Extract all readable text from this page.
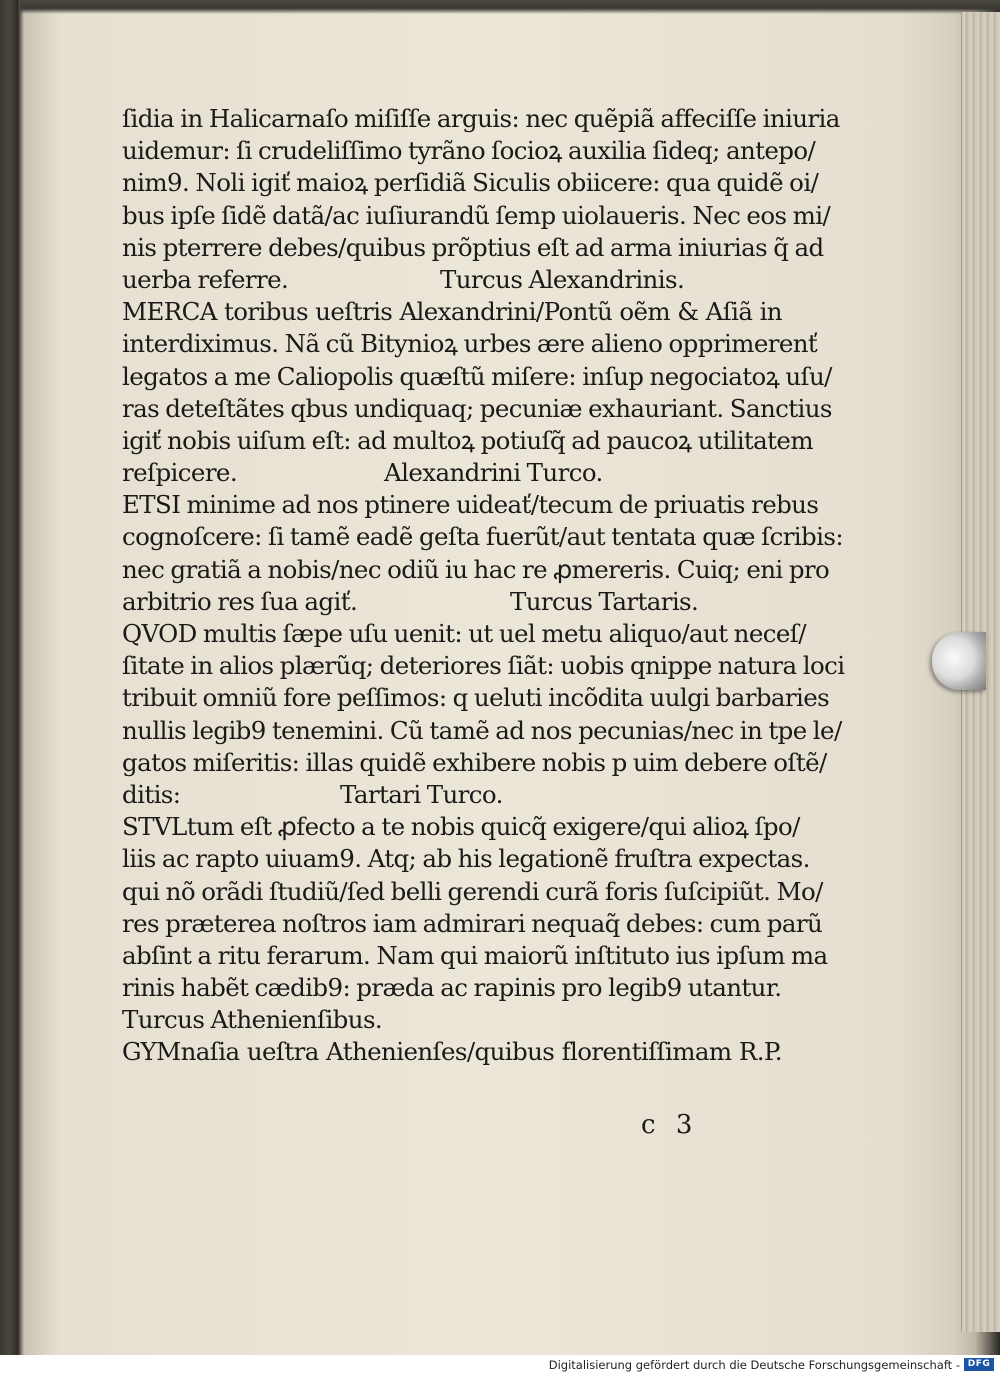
ſidia in Halicarnaſo miſiſſe arguis: nec quẽpiã affeciſſe iniuria
uidemur: ſi crudeliſſimo tyrãno ſocioꝝ auxilia ſideq; antepo/
nim9. Noli igiť maioꝝ perſidiã Siculis obiicere: qua quidẽ oi/
bus ipſe ſidẽ datã/ac iuſiurandũ ſemp uiolaueris. Nec eos mi/
nis pterrere debes/quibus prõptius eſt ad arma iniurias q̃ ad
uerba referre.	Turcus Alexandrinis.
MERCA toribus ueſtris Alexandrini/Pontũ oẽm & Aſiã in
interdiximus. Nã cũ Bitynioꝝ urbes ære alieno opprimerenť
legatos a me Caliopolis quæſtũ miſere: inſup negociatoꝝ uſu/
ras deteſtãtes qbus undiquaq; pecuniæ exhauriant. Sanctius
igiť nobis uiſum eſt: ad multoꝝ potiuſq̃ ad paucoꝝ utilitatem
reſpicere.	Alexandrini Turco.
ETSI minime ad nos ptinere uideať/tecum de priuatis rebus
cognoſcere: ſi tamẽ eadẽ geſta fuerũt/aut tentata quæ ſcribis:
nec gratiã a nobis/nec odiũ iu hac re ꝓmereris. Cuiq; eni pro
arbitrio res ſua agiť.	Turcus Tartaris.
QVOD multis ſæpe uſu uenit: ut uel metu aliquo/aut neceſ/
ſitate in alios plærũq; deteriores ſiãt: uobis qnippe natura loci
tribuit omniũ fore peſſimos: q ueluti incõdita uulgi barbaries
nullis legib9 tenemini. Cũ tamẽ ad nos pecunias/nec in tpe le/
gatos miſeritis: illas quidẽ exhibere nobis p uim debere oſtẽ/
ditis:	Tartari Turco.
STVLtum eſt ꝓfecto a te nobis quicq̃ exigere/qui alioꝝ ſpo/
liis ac rapto uiuam9. Atq; ab his legationẽ fruſtra expectas.
qui nõ orãdi ſtudiũ/ſed belli gerendi curã foris ſuſcipiũt. Mo/
res præterea noſtros iam admirari nequaq̃ debes: cum parũ
abſint a ritu ferarum. Nam qui maiorũ inſtituto ius ipſum ma
rinis habẽt cædib9: præda ac rapinis pro legib9 utantur.
Turcus Athenienſibus.
GYMnaſia ueſtra Athenienſes/quibus florentiſſimam R.P.
c 3
Digitalisierung gefördert durch die Deutsche Forschungsgemeinschaft - DFG
